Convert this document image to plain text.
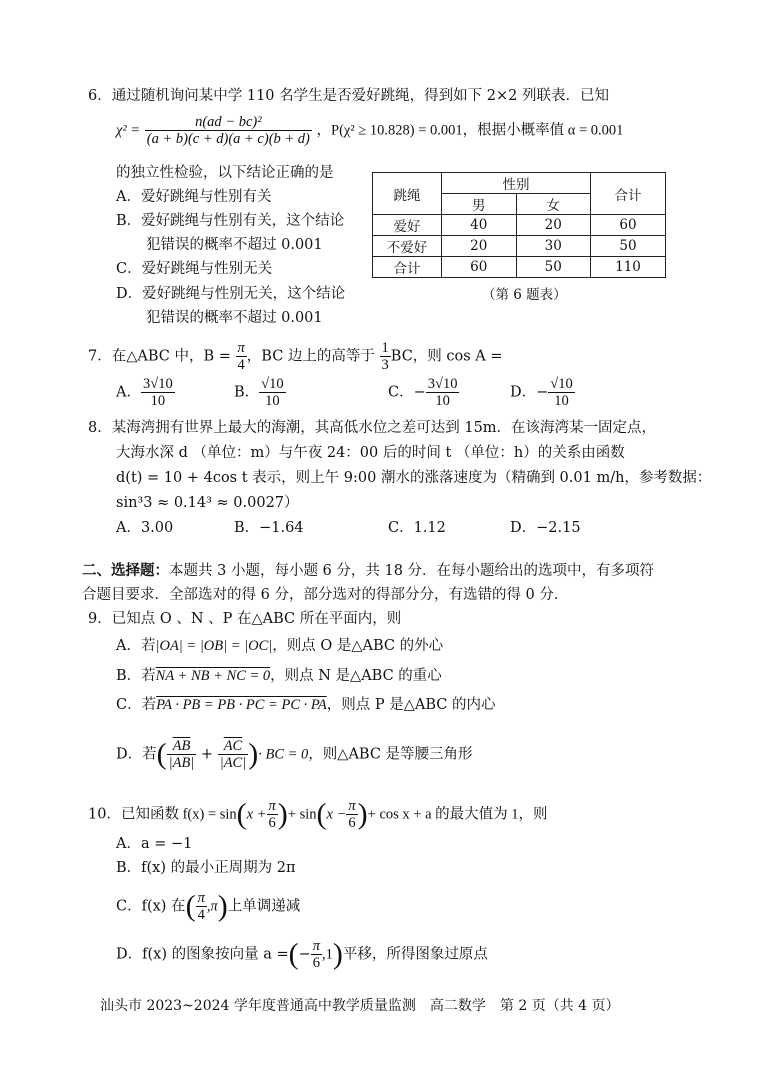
6．通过随机询问某中学 110 名学生是否爱好跳绳，得到如下 2×2 列联表．已知
$\chi^2 = \frac{\text{n(ad − bc)²}}{(a + b)(c + d)(a + c)(b + d)}$ ，P(χ² ≥ 10.828) = 0.001，根据小概率值 α = 0.001
的独立性检验，以下结论正确的是
A．爱好跳绳与性别有关
B．爱好跳绳与性别有关，这个结论
犯错误的概率不超过 0.001
C．爱好跳绳与性别无关
D．爱好跳绳与性别无关，这个结论
犯错误的概率不超过 0.001
跳绳	性别		合计
	男	女	
爱好	40	20	60
不爱好	20	30	50
合计	60	50	110
（第 6 题表）
7．在△ABC 中，$B = \frac{\pi}{4}$ ，BC 边上的高等于 $\frac{1}{3}$ BC，则 cos A =
A． $\frac{3√10}{10}$	B． $\frac{√10}{10}$	C．− $\frac{3√10}{10}$	D．− $\frac{√10}{10}$
8．某海湾拥有世界上最大的海潮，其高低水位之差可达到 15m．在该海湾某一固定点，
大海水深 d （单位：m）与午夜 24：00 后的时间 t （单位：h）的关系由函数
d(t) = 10 + 4cos t 表示，则上午 9:00 潮水的涨落速度为（精确到 0.01 m/h，参考数据：
sin³3 ≈ 0.14³ ≈ 0.0027）
A．3.00	B．−1.64	C．1.12	D．−2.15
二、选择题：本题共 3 小题，每小题 6 分，共 18 分．在每小题给出的选项中，有多项符
合题目要求．全部选对的得 6 分，部分选对的得部分分，有选错的得 0 分．
9．已知点 O 、N 、P 在△ABC 所在平面内，则
A．若|OA| = |OB| = |OC|，则点 O 是△ABC 的外心
B．若NA + NB + NC = 0，则点 N 是△ABC 的重心
C．若PA · PB = PB · PC = PC · PA，则点 P 是△ABC 的内心
D．若( $\frac{\overline{AB}}{|AB|} + \frac{\overline{AC}}{|AC|}$ )· BC = 0，则△ABC 是等腰三角形
10．已知函数 $f(x) = \sin(x + \frac{\pi}{6}$ )+ $\sin(x - \frac{\pi}{6}$ )+ cos x + a 的最大值为 1，则
A．a = −1
B．f(x) 的最小正周期为 2π
C．f(x) 在( $\frac{\pi}{4} ,\pi$)上单调递减
D．f(x) 的图象按向量 a =(− $\frac{\pi}{6} ,1$)平移，所得图象过原点
汕头市 2023~2024 学年度普通高中教学质量监测　高二数学　第 2 页（共 4 页）
